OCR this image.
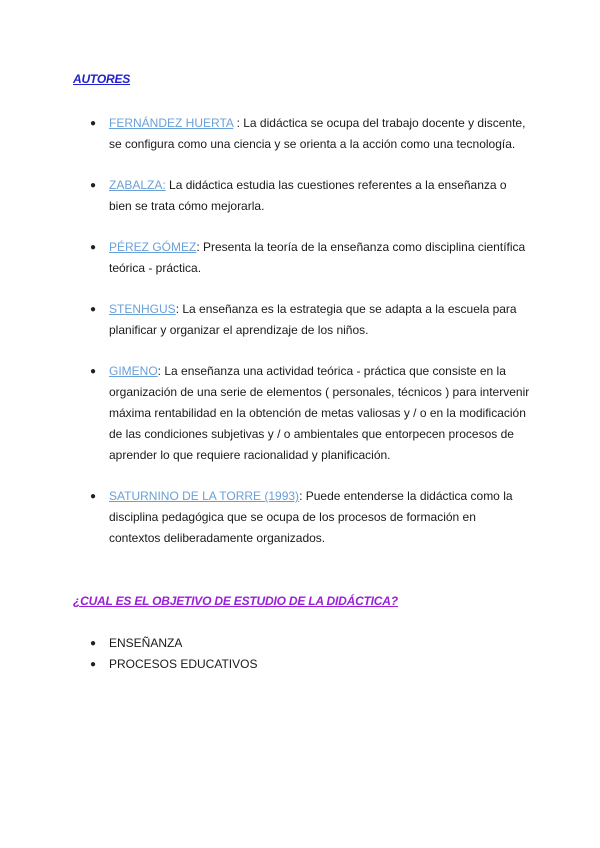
AUTORES
● FERNÁNDEZ HUERTA : La didáctica se ocupa del trabajo docente y discente, se configura como una ciencia y se orienta a la acción como una tecnología.
● ZABALZA: La didáctica estudia las cuestiones referentes a la enseñanza o bien se trata cómo mejorarla.
● PÉREZ GÓMEZ: Presenta la teoría de la enseñanza como disciplina científica teórica - práctica.
● STENHGUS: La enseñanza es la estrategia que se adapta a la escuela para planificar y organizar el aprendizaje de los niños.
● GIMENO: La enseñanza una actividad teórica - práctica que consiste en la organización de una serie de elementos ( personales, técnicos ) para intervenir máxima rentabilidad en la obtención de metas valiosas y / o en la modificación de las condiciones subjetivas y / o ambientales que entorpecen procesos de aprender lo que requiere racionalidad y planificación.
● SATURNINO DE LA TORRE (1993): Puede entenderse la didáctica como la disciplina pedagógica que se ocupa de los procesos de formación en contextos deliberadamente organizados.
¿CUAL ES EL OBJETIVO DE ESTUDIO DE LA DIDÁCTICA?
● ENSEÑANZA
● PROCESOS EDUCATIVOS
